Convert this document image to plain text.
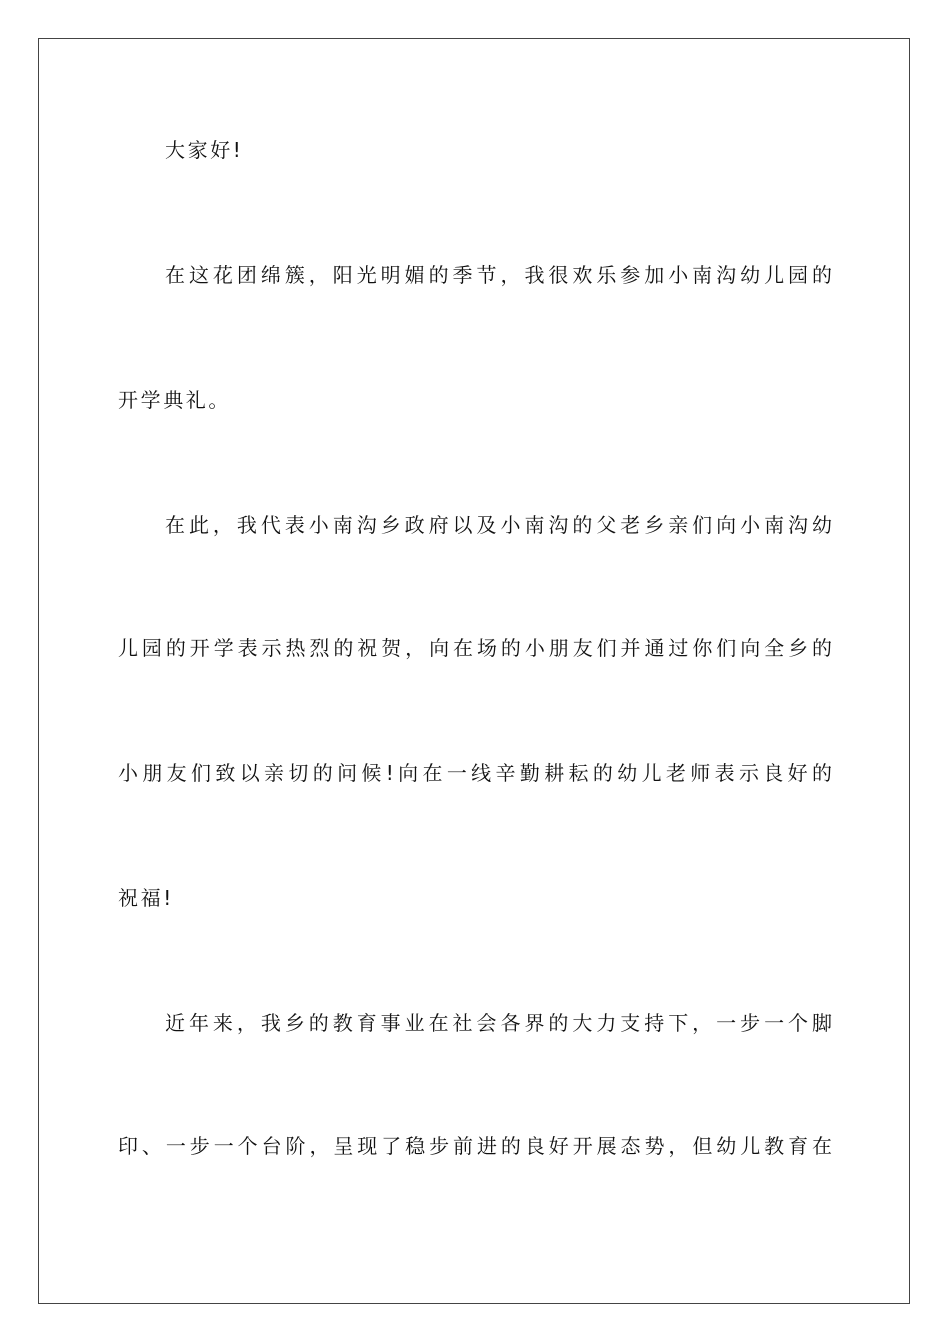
大家好!
在这花团绵簇，阳光明媚的季节，我很欢乐参加小南沟幼儿园的
开学典礼。
在此，我代表小南沟乡政府以及小南沟的父老乡亲们向小南沟幼
儿园的开学表示热烈的祝贺，向在场的小朋友们并通过你们向全乡的
小朋友们致以亲切的问候!向在一线辛勤耕耘的幼儿老师表示良好的
祝福!
近年来，我乡的教育事业在社会各界的大力支持下，一步一个脚
印、一步一个台阶，呈现了稳步前进的良好开展态势，但幼儿教育在
